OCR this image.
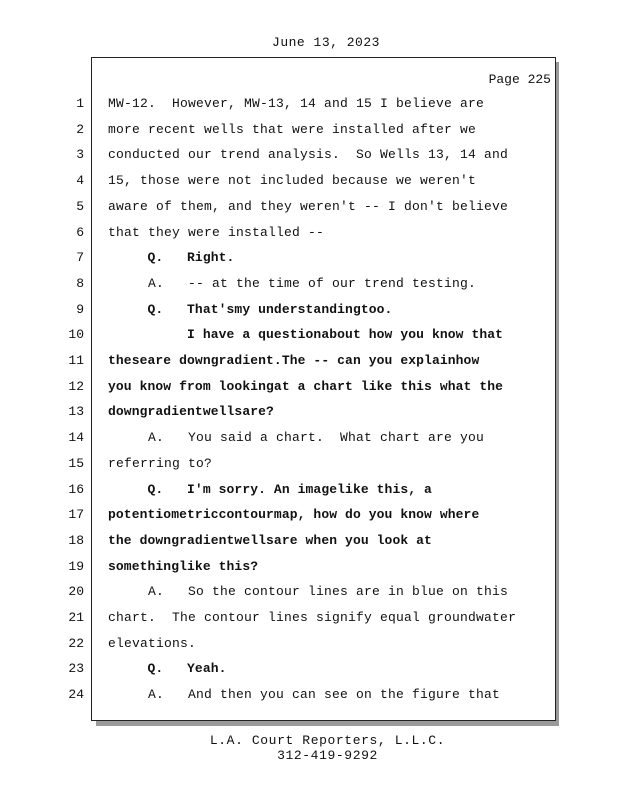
June 13, 2023
Page 225
1 MW-12.  However, MW-13, 14 and 15 I believe are
2 more recent wells that were installed after we
3 conducted our trend analysis.  So Wells 13, 14 and
4 15, those were not included because we weren't
5 aware of them, and they weren't -- I don't believe
6 that they were installed --
7 Q.   Right.
8 A.   -- at the time of our trend testing.
9 Q.   That'smy understandingtoo.
10 I have a questionabout how you know that
11 theseare downgradient.The -- can you explainhow
12 you know from lookingat a chart like this what the
13 downgradientwellsare?
14 A.   You said a chart.  What chart are you
15 referring to?
16 Q.   I'm sorry. An imagelike this, a
17 potentiometriccontourmap, how do you know where
18 the downgradientwellsare when you look at
19 somethinglike this?
20 A.   So the contour lines are in blue on this
21 chart.  The contour lines signify equal groundwater
22 elevations.
23 Q.   Yeah.
24 A.   And then you can see on the figure that
L.A. Court Reporters, L.L.C.
312-419-9292
